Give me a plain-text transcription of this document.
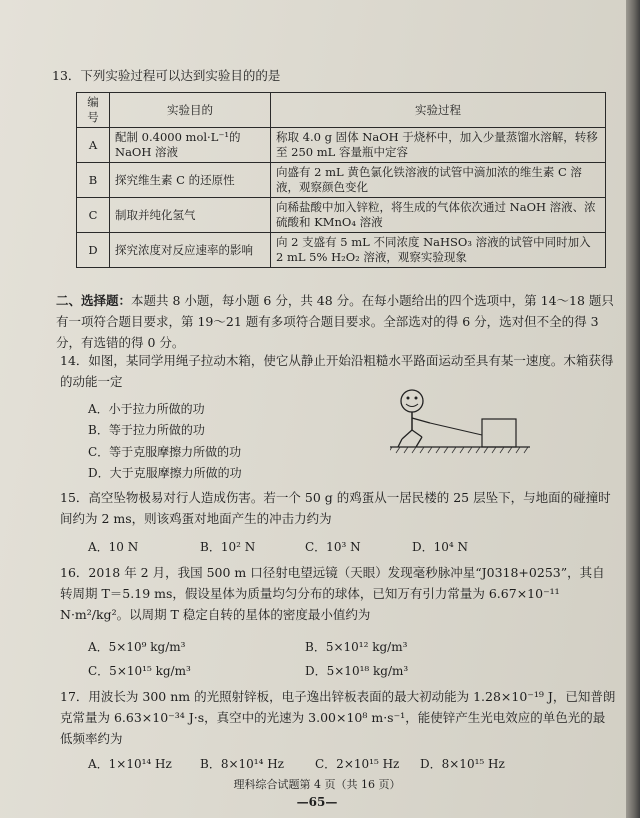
13．下列实验过程可以达到实验目的的是
编号	实验目的	实验过程
A	配制 0.4000 mol·L⁻¹的NaOH 溶液	称取 4.0 g 固体 NaOH 于烧杯中，加入少量蒸馏水溶解，转移至 250 mL 容量瓶中定容
B	探究维生素 C 的还原性	向盛有 2 mL 黄色氯化铁溶液的试管中滴加浓的维生素 C 溶液，观察颜色变化
C	制取并纯化氢气	向稀盐酸中加入锌粒，将生成的气体依次通过 NaOH 溶液、浓硫酸和 KMnO₄ 溶液
D	探究浓度对反应速率的影响	向 2 支盛有 5 mL 不同浓度 NaHSO₃ 溶液的试管中同时加入 2 mL 5% H₂O₂ 溶液，观察实验现象
二、选择题：本题共 8 小题，每小题 6 分，共 48 分。在每小题给出的四个选项中，第 14～18 题只有一项符合题目要求，第 19～21 题有多项符合题目要求。全部选对的得 6 分，选对但不全的得 3 分，有选错的得 0 分。
14．如图，某同学用绳子拉动木箱，使它从静止开始沿粗糙水平路面运动至具有某一速度。木箱获得的动能一定
A．小于拉力所做的功
B．等于拉力所做的功
C．等于克服摩擦力所做的功
D．大于克服摩擦力所做的功
15．高空坠物极易对行人造成伤害。若一个 50 g 的鸡蛋从一居民楼的 25 层坠下，与地面的碰撞时间约为 2 ms，则该鸡蛋对地面产生的冲击力约为
A．10 N	B．10² N	C．10³ N	D．10⁴ N
16．2018 年 2 月，我国 500 m 口径射电望远镜（天眼）发现毫秒脉冲星“J0318+0253”，其自转周期 T＝5.19 ms，假设星体为质量均匀分布的球体，已知万有引力常量为 6.67×10⁻¹¹ N·m²/kg²。以周期 T 稳定自转的星体的密度最小值约为
A．5×10⁹ kg/m³	B．5×10¹² kg/m³
C．5×10¹⁵ kg/m³	D．5×10¹⁸ kg/m³
17．用波长为 300 nm 的光照射锌板，电子逸出锌板表面的最大初动能为 1.28×10⁻¹⁹ J，已知普朗克常量为 6.63×10⁻³⁴ J·s，真空中的光速为 3.00×10⁸ m·s⁻¹，能使锌产生光电效应的单色光的最低频率约为
A．1×10¹⁴ Hz B．8×10¹⁴ Hz	C．2×10¹⁵ Hz D．8×10¹⁵ Hz
理科综合试题第 4 页（共 16 页）
—65—
